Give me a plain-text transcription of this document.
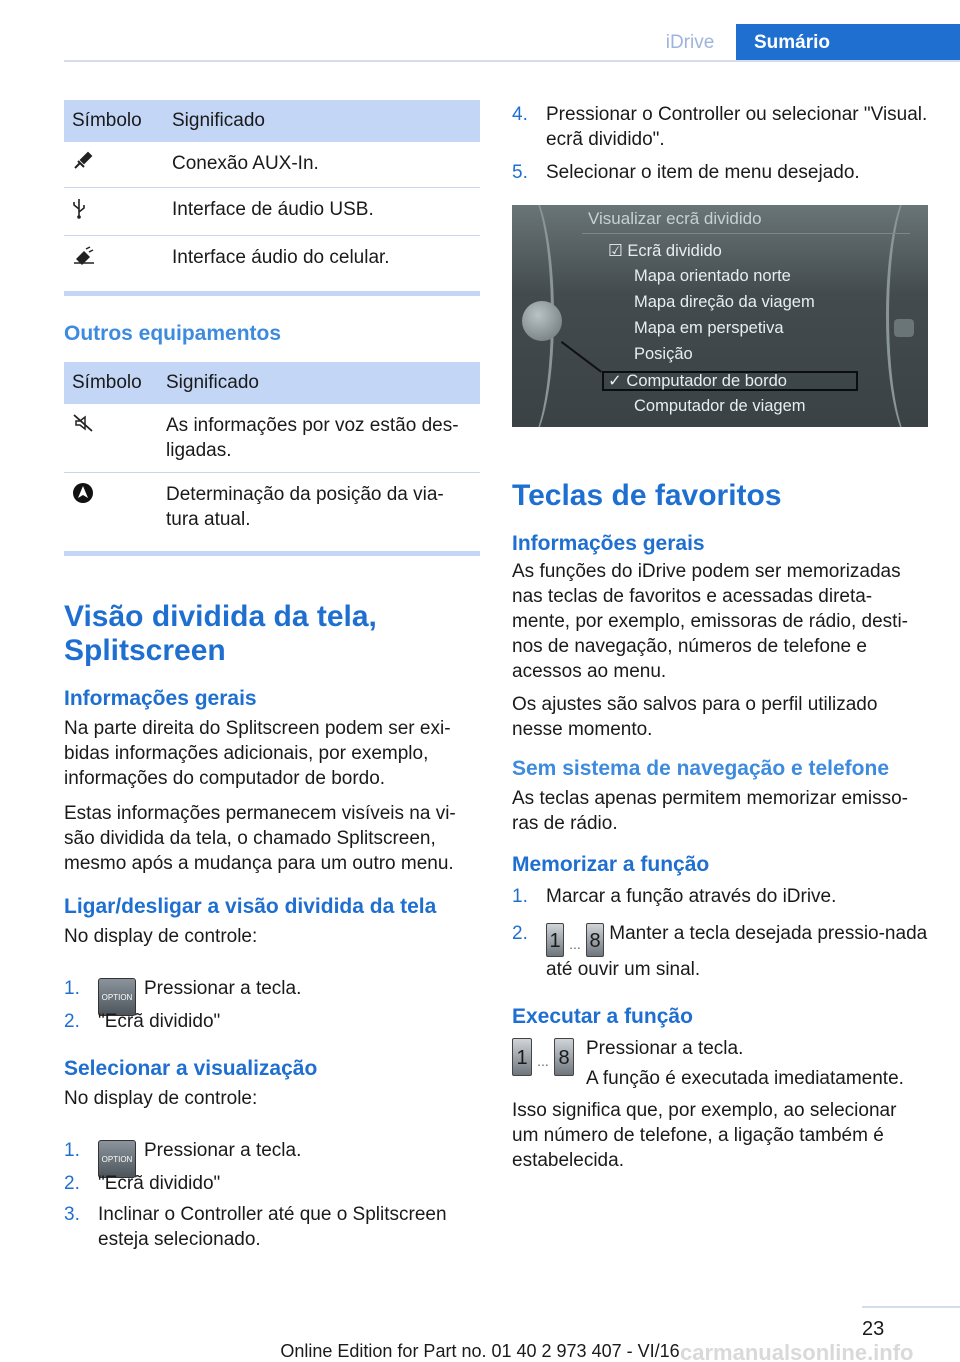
iDrive	Sumário
Símbolo	Significado
	Conexão AUX-In.
	Interface de áudio USB.
	Interface áudio do celular.
Outros equipamentos
Símbolo	Significado
	As informações por voz estão des‐ligadas.
	Determinação da posição da via‐tura atual.
Visão dividida da tela, Splitscreen
Informações gerais

Na parte direita do Splitscreen podem ser exi‐bidas informações adicionais, por exemplo, informações do computador de bordo.

Estas informações permanecem visíveis na vi‐são dividida da tela, o chamado Splitscreen, mesmo após a mudança para um outro menu.

Ligar/desligar a visão dividida da tela

No display de controle:

1.	OPTION Pressionar a tecla.
2. "Ecrã dividido"
Selecionar a visualização

No display de controle:

1.	OPTION Pressionar a tecla.
2. "Ecrã dividido"
3. Inclinar o Controller até que o Splitscreen esteja selecionado.
4. Pressionar o Controller ou selecionar "Visual. ecrã dividido".
5. Selecionar o item de menu desejado.
Visualizar ecrã dividido
☑ Ecrã dividido
Mapa orientado norte
Mapa direção da viagem
Mapa em perspetiva
Posição
✓ Computador de bordo
Computador de viagem
Teclas de favoritos
Informações gerais

As funções do iDrive podem ser memorizadas nas teclas de favoritos e acessadas direta‐mente, por exemplo, emissoras de rádio, desti‐nos de navegação, números de telefone e acessos ao menu.

Os ajustes são salvos para o perfil utilizado nesse momento.

Sem sistema de navegação e telefone

As teclas apenas permitem memorizar emisso‐ras de rádio.

Memorizar a função
1. Marcar a função através do iDrive.
2. 1 ... 8 Manter a tecla desejada pressio‐nada até ouvir um sinal.
Executar a função
1 ... 8 Pressionar a tecla.

A função é executada imediatamente.

Isso significa que, por exemplo, ao selecionar um número de telefone, a ligação também é estabelecida.

23
Online Edition for Part no. 01 40 2 973 407 - VI/16 carmanualsonline.info
